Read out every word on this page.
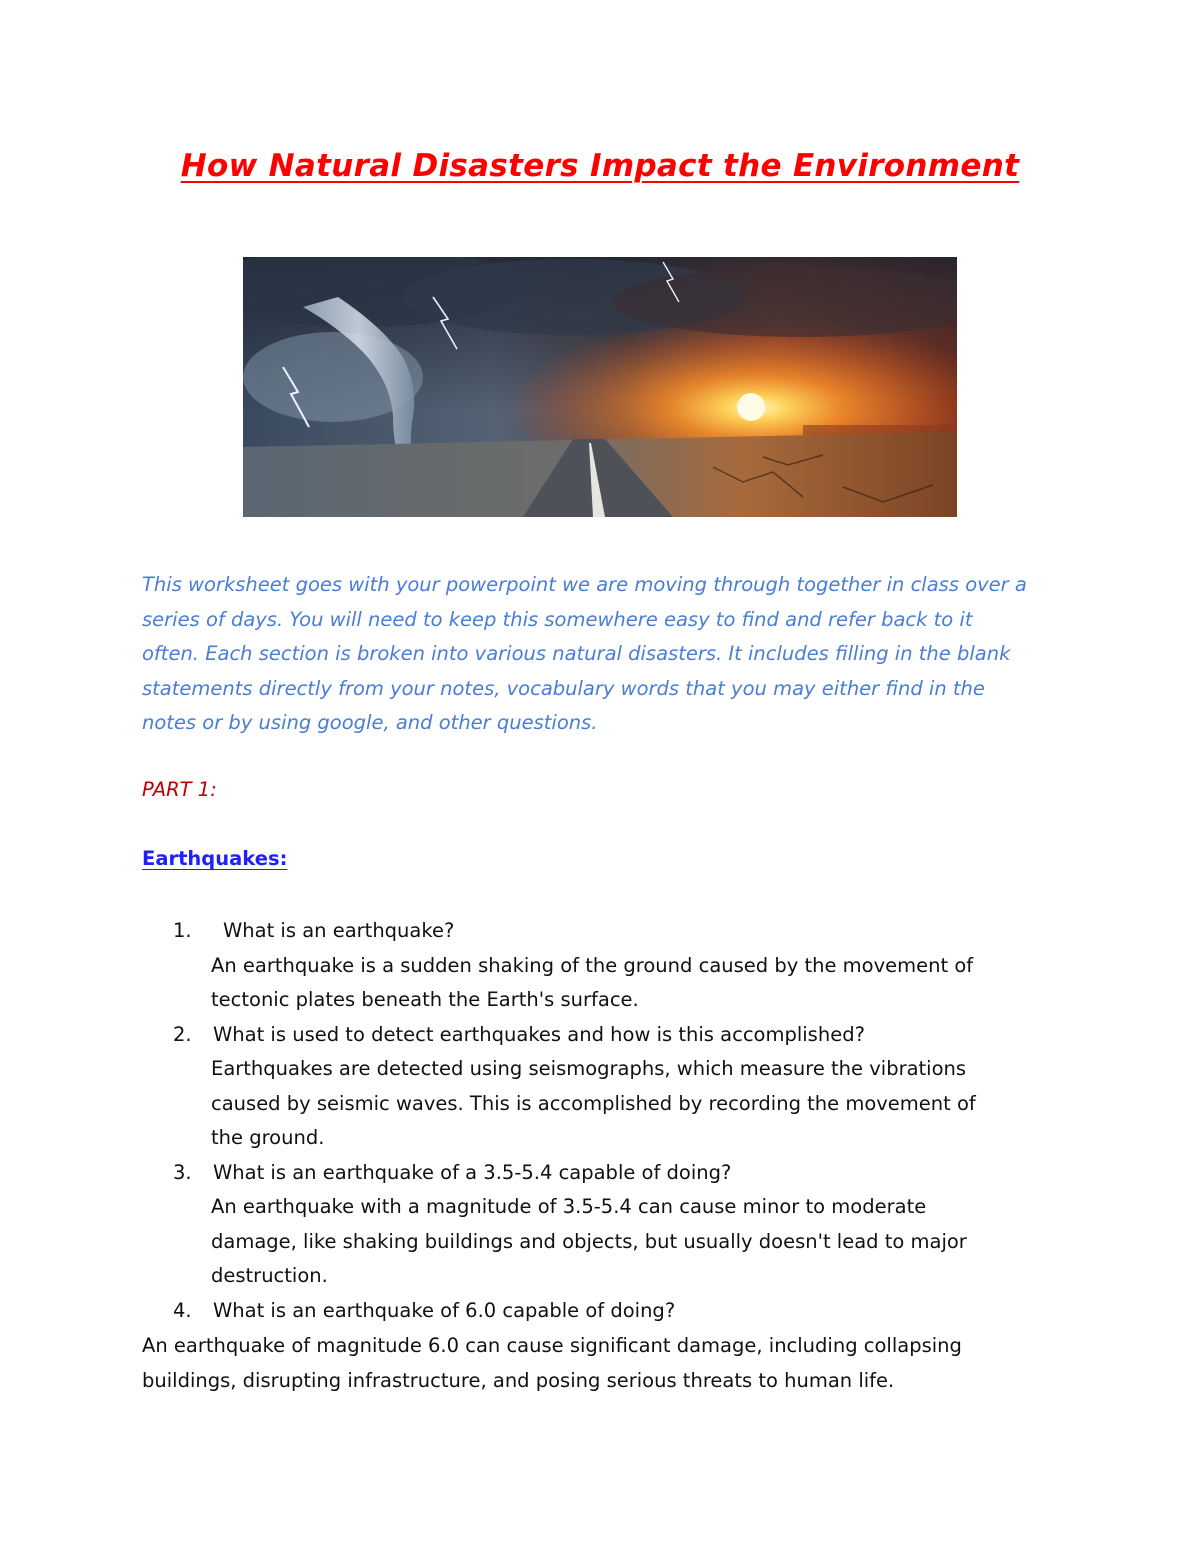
How Natural Disasters Impact the Environment
This worksheet goes with your powerpoint we are moving through together in class over a
series of days. You will need to keep this somewhere easy to find and refer back to it
often. Each section is broken into various natural disasters. It includes filling in the blank
statements directly from your notes, vocabulary words that you may either find in the
notes or by using google, and other questions.
PART 1:
Earthquakes:
1. What is an earthquake?
An earthquake is a sudden shaking of the ground caused by the movement of
tectonic plates beneath the Earth's surface.
2. What is used to detect earthquakes and how is this accomplished?
Earthquakes are detected using seismographs, which measure the vibrations
caused by seismic waves. This is accomplished by recording the movement of
the ground.
3. What is an earthquake of a 3.5-5.4 capable of doing?
An earthquake with a magnitude of 3.5-5.4 can cause minor to moderate
damage, like shaking buildings and objects, but usually doesn't lead to major
destruction.
4. What is an earthquake of 6.0 capable of doing?
An earthquake of magnitude 6.0 can cause significant damage, including collapsing
buildings, disrupting infrastructure, and posing serious threats to human life.
